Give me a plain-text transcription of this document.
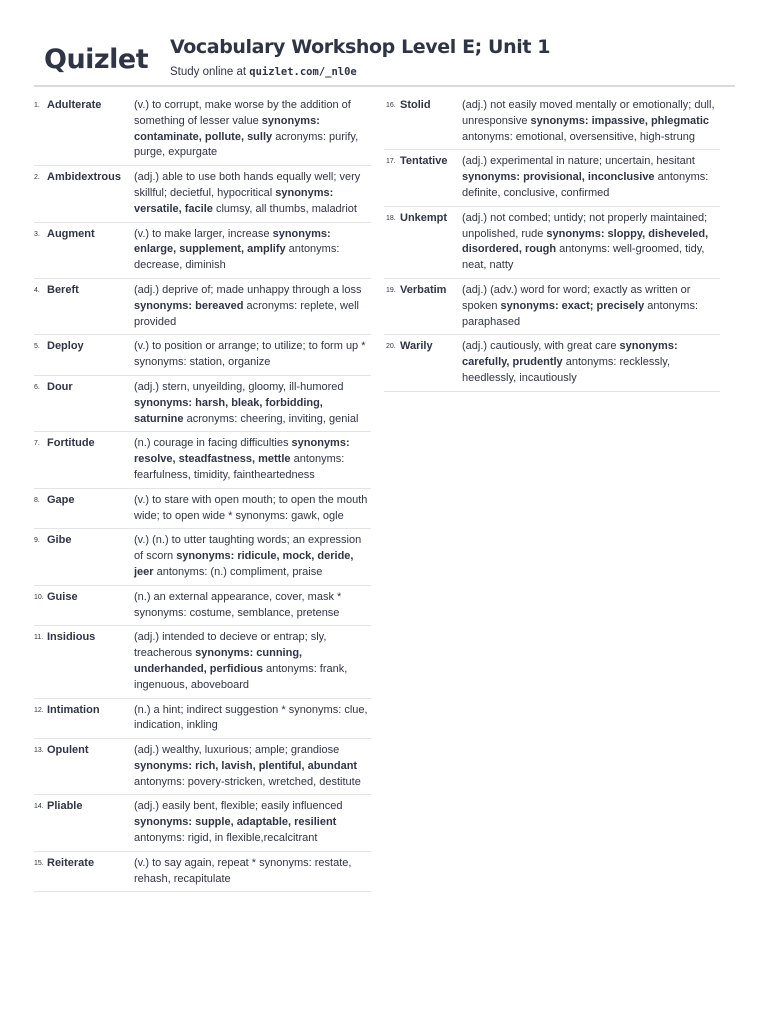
Quizlet Vocabulary Workshop Level E; Unit 1
Study online at quizlet.com/_nl0e
1. Adulterate	(v.) to corrupt, make worse by the addition of something of lesser value synonyms: contaminate, pollute, sully acronyms: purify, purge, expurgate
2. Ambidextrous (adj.) able to use both hands equally well; very skillful; decietful, hypocritical synonyms: versatile, facile clumsy, all thumbs, maladriot
3. Augment	(v.) to make larger, increase synonyms: enlarge, supplement, amplify antonyms: decrease, diminish
4. Bereft	(adj.) deprive of; made unhappy through a loss synonyms: bereaved acronyms: replete, well provided
5. Deploy	(v.) to position or arrange; to utilize; to form up * synonyms: station, organize
6. Dour	(adj.) stern, unyeilding, gloomy, ill-humored synonyms: harsh, bleak, forbidding, saturnine acronyms: cheering, inviting, genial
7. Fortitude	(n.) courage in facing difficulties synonyms: resolve, steadfastness, mettle antonyms: fearfulness, timidity, faintheartedness
8. Gape	(v.) to stare with open mouth; to open the mouth wide; to open wide * synonyms: gawk, ogle
9. Gibe	(v.) (n.) to utter taughting words; an expression of scorn synonyms: ridicule, mock, deride, jeer antonyms: (n.) compliment, praise
10. Guise	(n.) an external appearance, cover, mask * synonyms: costume, semblance, pretense
11. Insidious	(adj.) intended to decieve or entrap; sly, treacherous synonyms: cunning, underhanded, perfidious antonyms: frank, ingenuous, aboveboard
12. Intimation	(n.) a hint; indirect suggestion * synonyms: clue, indication, inkling
13. Opulent	(adj.) wealthy, luxurious; ample; grandiose synonyms: rich, lavish, plentiful, abundant antonyms: povery-stricken, wretched, destitute
14. Pliable	(adj.) easily bent, flexible; easily influenced synonyms: supple, adaptable, resilient antonyms: rigid, in flexible,recalcitrant
15. Reiterate	(v.) to say again, repeat * synonyms: restate, rehash, recapitulate
16. Stolid	(adj.) not easily moved mentally or emotionally; dull, unresponsive synonyms: impassive, phlegmatic antonyms: emotional, oversensitive, high-strung
17. Tentative (adj.) experimental in nature; uncertain, hesitant synonyms: provisional, inconclusive antonyms: definite, conclusive, confirmed
18. Unkempt (adj.) not combed; untidy; not properly maintained; unpolished, rude synonyms: sloppy, disheveled, disordered, rough antonyms: well-groomed, tidy, neat, natty
19. Verbatim (adj.) (adv.) word for word; exactly as written or spoken synonyms: exact; precisely antonyms: paraphased
20. Warily	(adj.) cautiously, with great care synonyms: carefully, prudently antonyms: recklessly, heedlessly, incautiously
